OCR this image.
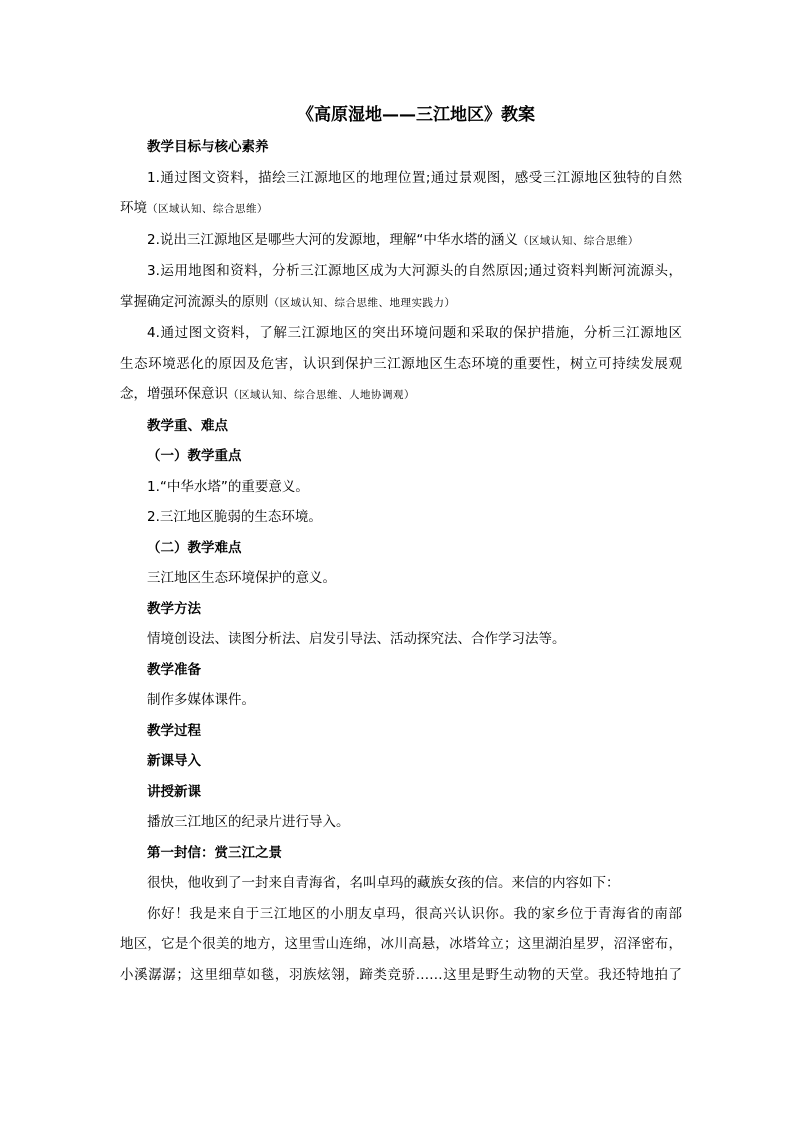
《高原湿地——三江地区》教案

教学目标与核心素养

1.通过图文资料，描绘三江源地区的地理位置;通过景观图，感受三江源地区独特的自然

环境（区域认知、综合思维）

2.说出三江源地区是哪些大河的发源地，理解“中华水塔的涵义（区域认知、综合思维）

3.运用地图和资料，分析三江源地区成为大河源头的自然原因;通过资料判断河流源头，

掌握确定河流源头的原则（区域认知、综合思维、地理实践力）

4.通过图文资料，了解三江源地区的突出环境问题和采取的保护措施，分析三江源地区

生态环境恶化的原因及危害，认识到保护三江源地区生态环境的重要性，树立可持续发展观

念，增强环保意识（区域认知、综合思维、人地协调观）

教学重、难点

（一）教学重点

1.“中华水塔”的重要意义。

2.三江地区脆弱的生态环境。

（二）教学难点

三江地区生态环境保护的意义。

教学方法

情境创设法、读图分析法、启发引导法、活动探究法、合作学习法等。

教学准备

制作多媒体课件。

教学过程

新课导入

讲授新课

播放三江地区的纪录片进行导入。

第一封信：赏三江之景

很快，他收到了一封来自青海省，名叫卓玛的藏族女孩的信。来信的内容如下：

你好！我是来自于三江地区的小朋友卓玛，很高兴认识你。我的家乡位于青海省的南部

地区，它是个很美的地方，这里雪山连绵，冰川高悬，冰塔耸立；这里湖泊星罗，沼泽密布，

小溪潺潺；这里细草如毯，羽族炫翎，蹄类竞骄……这里是野生动物的天堂。我还特地拍了
